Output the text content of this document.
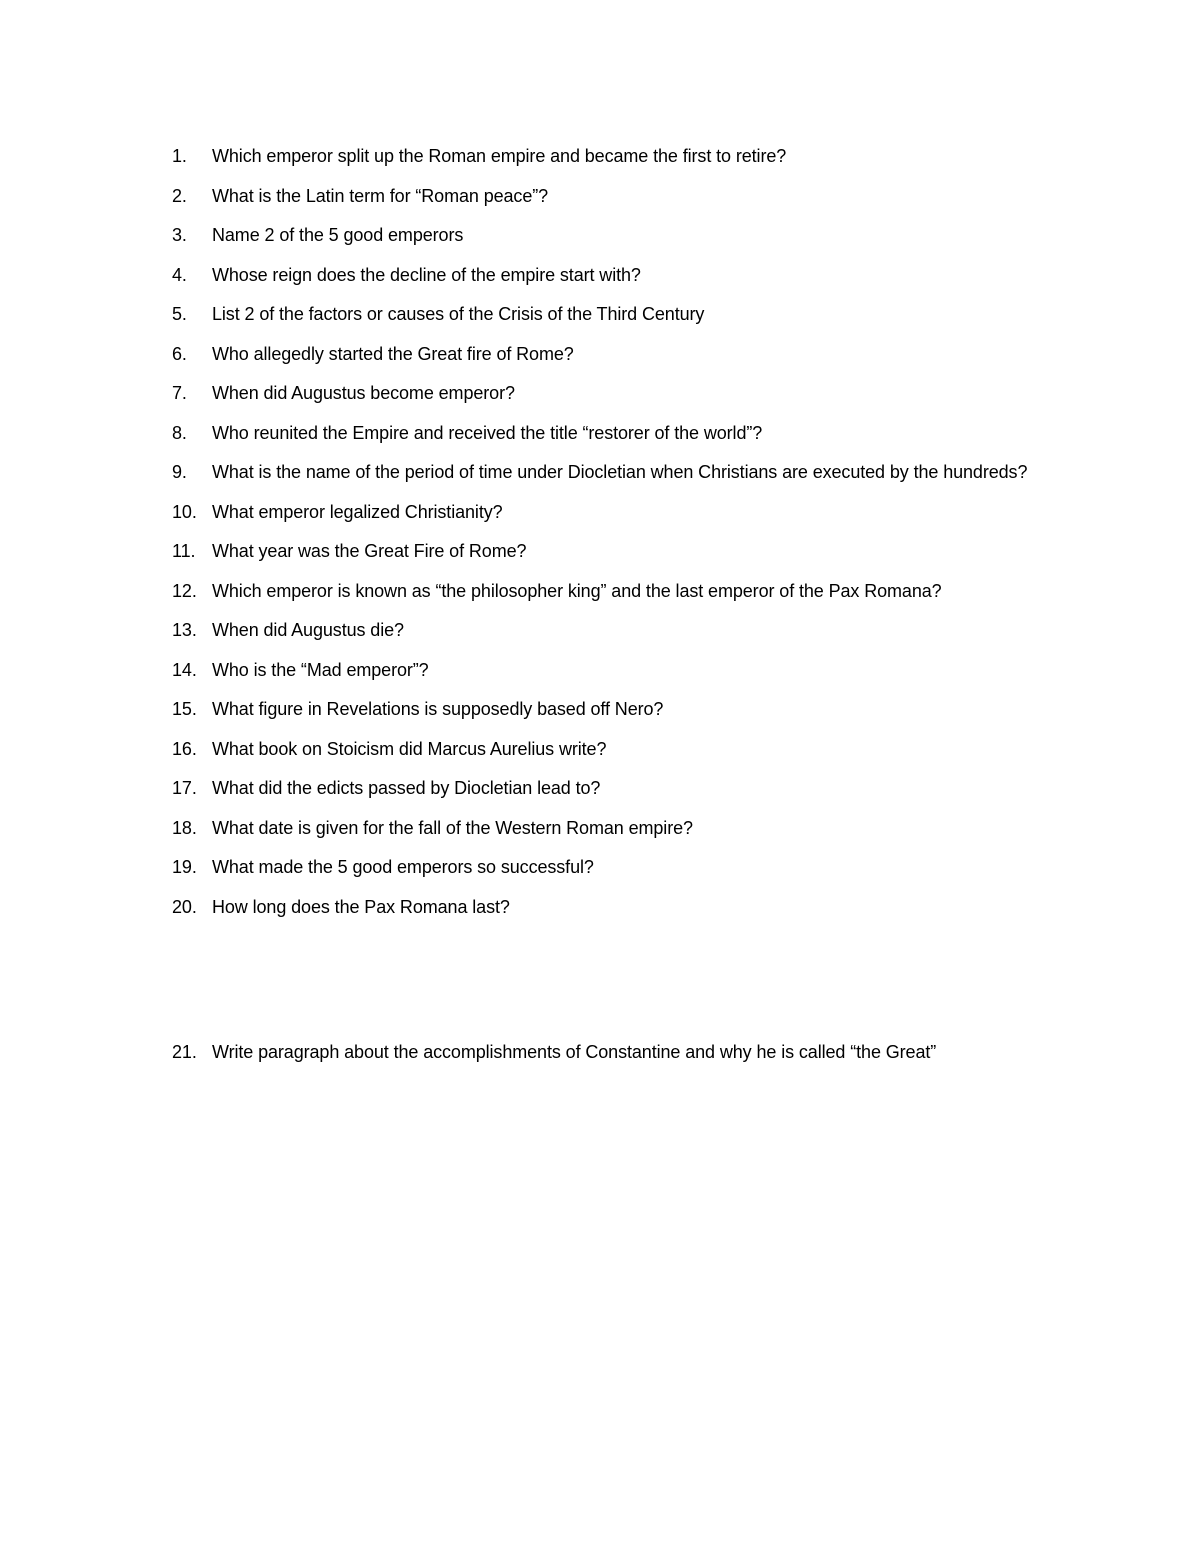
1.	Which emperor split up the Roman empire and became the first to retire?
2.	What is the Latin term for “Roman peace”?
3.	Name 2 of the 5 good emperors
4.	Whose reign does the decline of the empire start with?
5.	List 2 of the factors or causes of the Crisis of the Third Century
6.	Who allegedly started the Great fire of Rome?
7.	When did Augustus become emperor?
8.	Who reunited the Empire and received the title “restorer of the world”?
9.	What is the name of the period of time under Diocletian when Christians are executed by the hundreds?
10. What emperor legalized Christianity?
11. What year was the Great Fire of Rome?
12. Which emperor is known as “the philosopher king” and the last emperor of the Pax Romana?
13. When did Augustus die?
14. Who is the “Mad emperor”?
15. What figure in Revelations is supposedly based off Nero?
16. What book on Stoicism did Marcus Aurelius write?
17. What did the edicts passed by Diocletian lead to?
18. What date is given for the fall of the Western Roman empire?
19. What made the 5 good emperors so successful?
20. How long does the Pax Romana last?
21. Write paragraph about the accomplishments of Constantine and why he is called “the Great”
